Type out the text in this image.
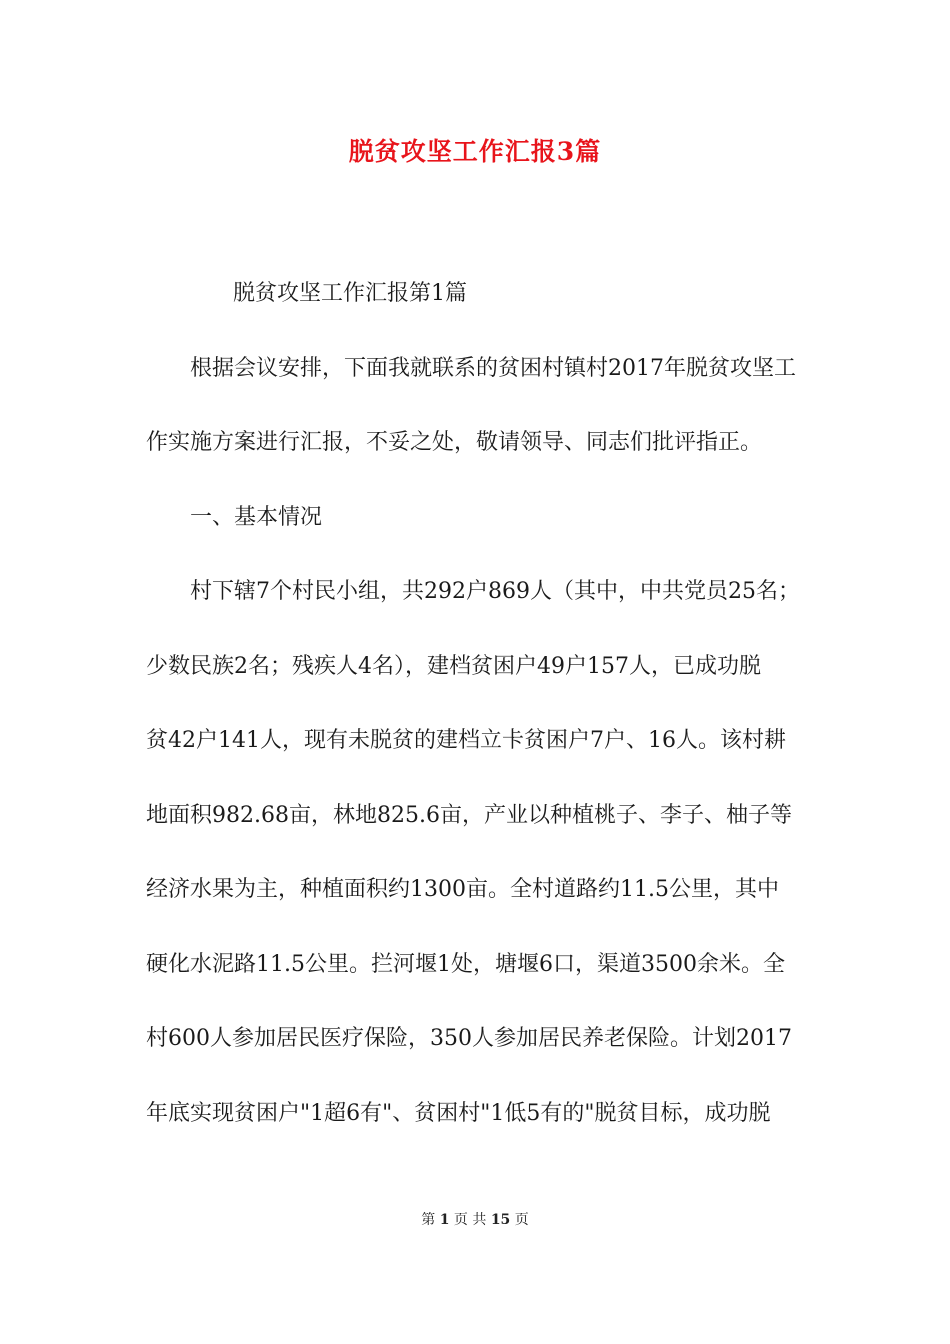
脱贫攻坚工作汇报3篇
脱贫攻坚工作汇报第1篇
根据会议安排，下面我就联系的贫困村镇村2017年脱贫攻坚工
作实施方案进行汇报，不妥之处，敬请领导、同志们批评指正。
一、基本情况
村下辖7个村民小组，共292户869人（其中，中共党员25名；
少数民族2名；残疾人4名），建档贫困户49户157人，已成功脱
贫42户141人，现有未脱贫的建档立卡贫困户7户、16人。该村耕
地面积982.68亩，林地825.6亩，产业以种植桃子、李子、柚子等
经济水果为主，种植面积约1300亩。全村道路约11.5公里，其中
硬化水泥路11.5公里。拦河堰1处，塘堰6口，渠道3500余米。全
村600人参加居民医疗保险，350人参加居民养老保险。计划2017
年底实现贫困户"1超6有"、贫困村"1低5有的"脱贫目标，成功脱
第 1 页 共 15 页
